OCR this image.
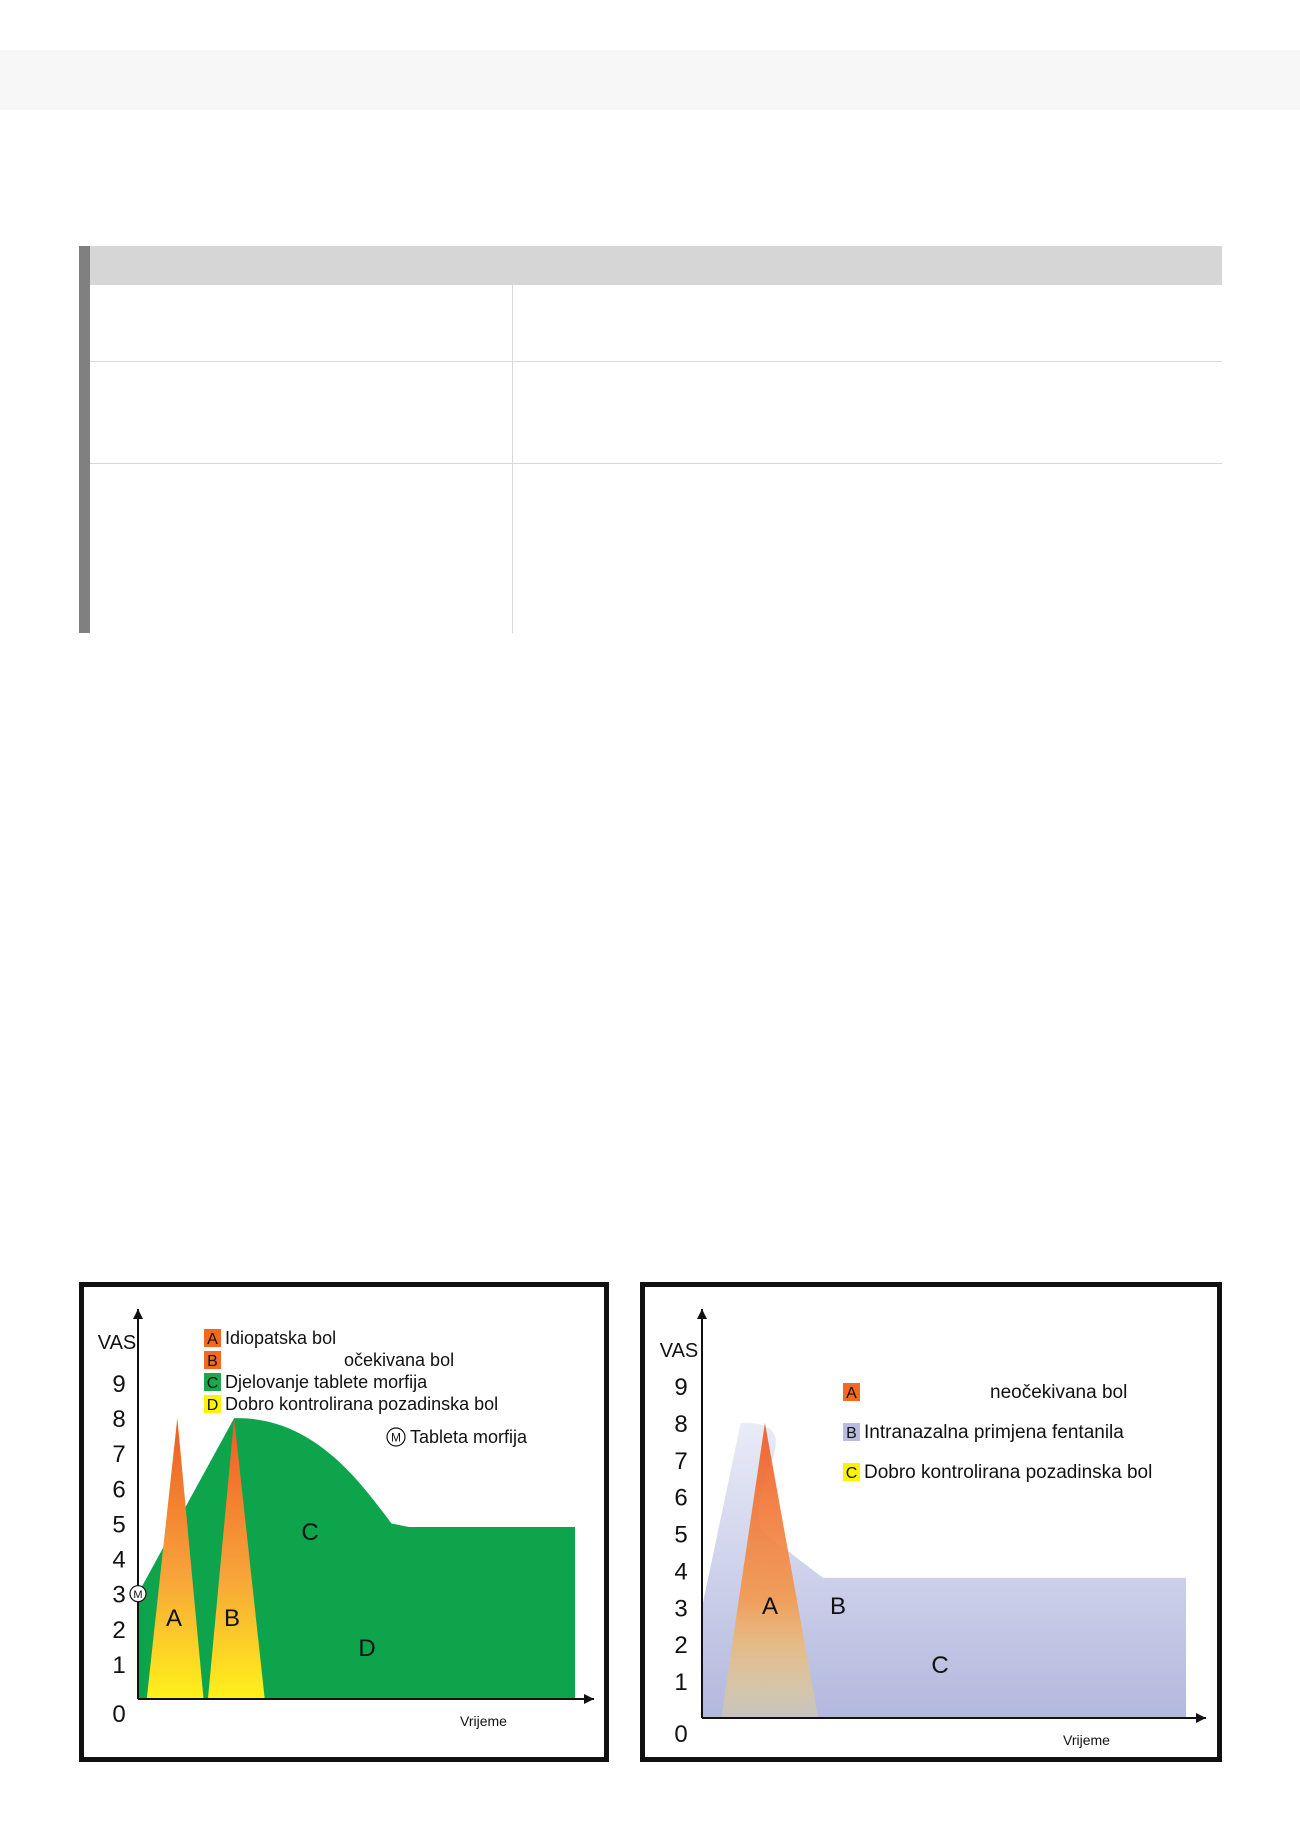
0
1
2
3
4
5
6
7
8
9
VAS
Vrijeme
A Idiopatska bol
B	očekivana bol
C Djelovanje tablete morfija
D Dobro kontrolirana pozadinska bol
M
M Tableta morfija
A B
C
D
0
1
2
3
4
5
6
7
8
9
VAS
Vrijeme
A	neočekivana bol
B Intranazalna primjena fentanila
C Dobro kontrolirana pozadinska bol
A B
C
